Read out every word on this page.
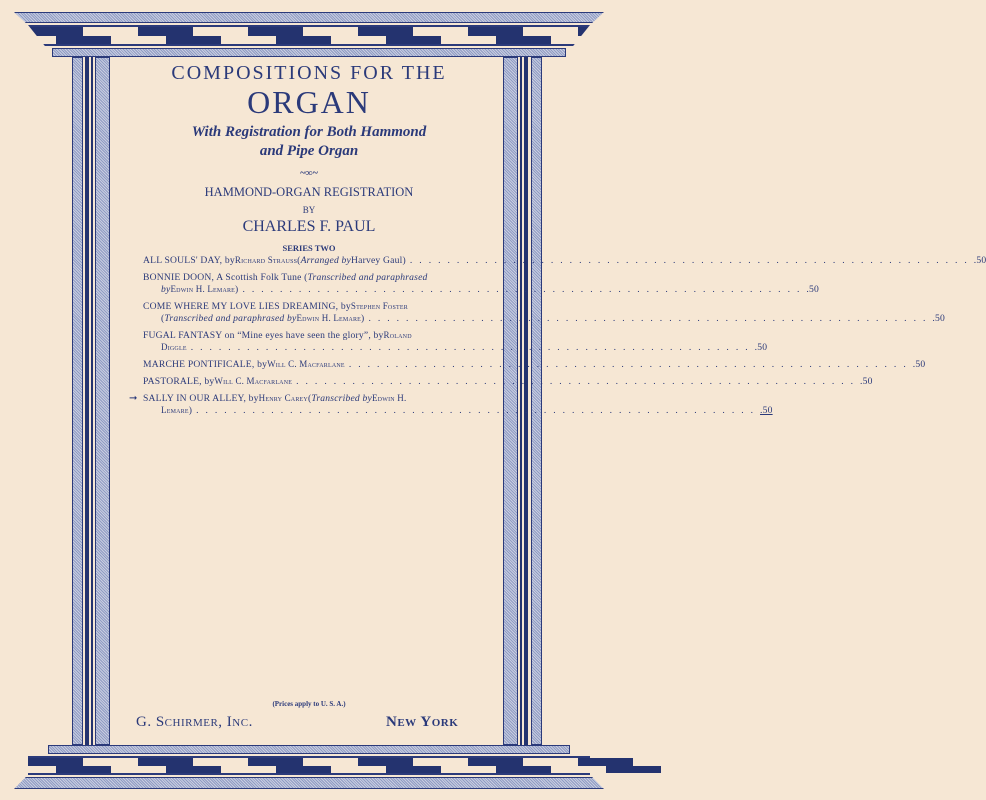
COMPOSITIONS FOR THE
ORGAN
With Registration for Both Hammond
and Pipe Organ
~∞~
HAMMOND-ORGAN REGISTRATION
BY
CHARLES F. PAUL
SERIES TWO
ALL SOULS' DAY, by Richard Strauss ( Arranged by Harvey Gaul) ............................................................ .50
BONNIE DOON, A Scottish Folk Tune ( Transcribed and paraphrased
by Edwin H. Lemare ) ............................................................ .50
COME WHERE MY LOVE LIES DREAMING, by Stephen Foster
( Transcribed and paraphrased by Edwin H. Lemare ) ............................................................ .50
FUGAL FANTASY on “Mine eyes have seen the glory”, by Roland
Diggle ............................................................ .50
MARCHE PONTIFICALE, by Will C. Macfarlane ............................................................ .50
PASTORALE, by Will C. Macfarlane ............................................................ .50
➞ SALLY IN OUR ALLEY, by Henry Carey ( Transcribed by Edwin H.
Lemare ) ............................................................ .50
(Prices apply to U. S. A.)
G. Schirmer, Inc.	New York
